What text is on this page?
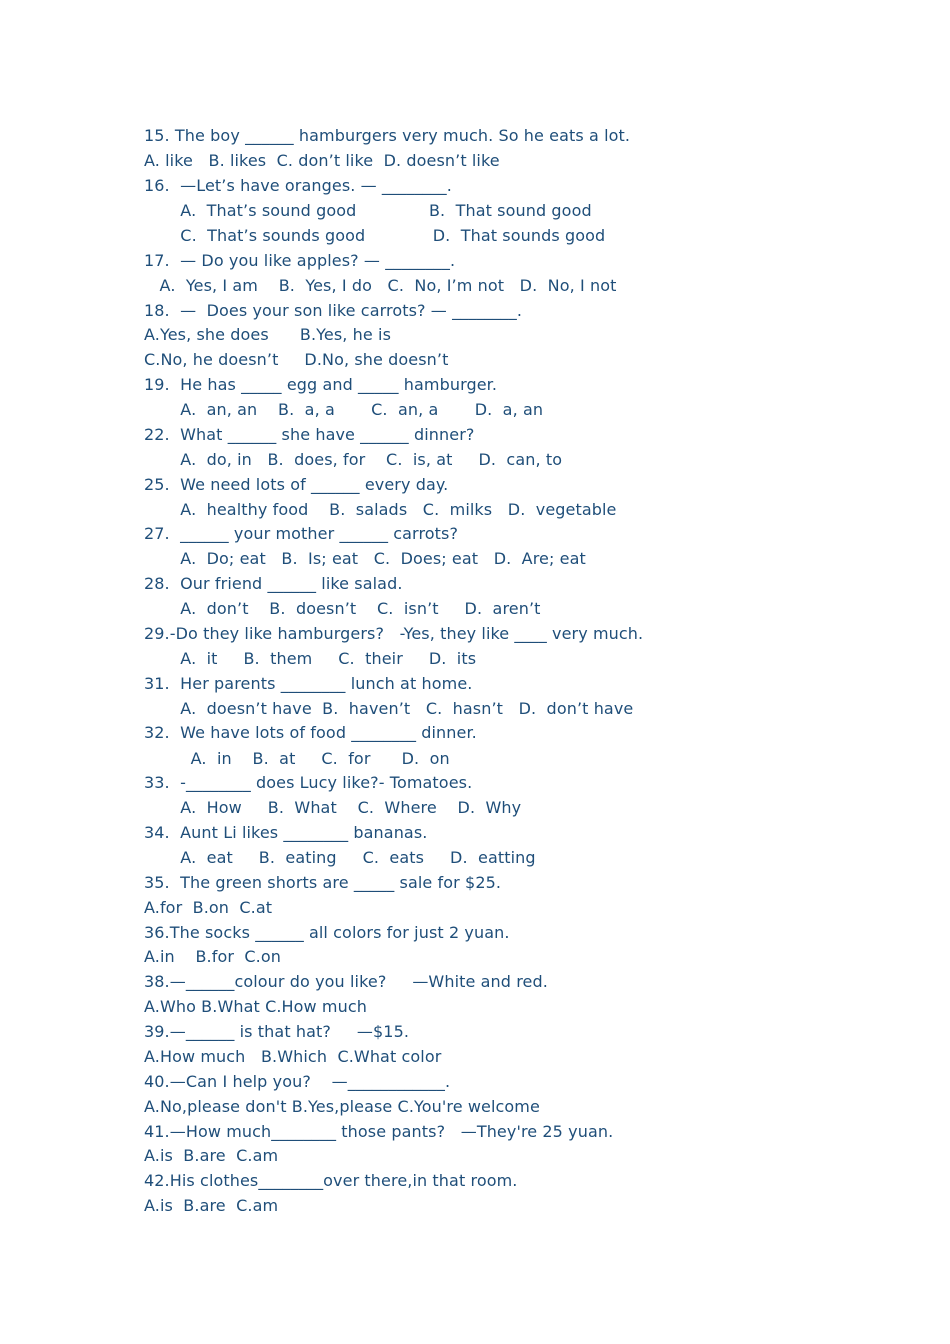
15. The boy ______ hamburgers very much. So he eats a lot.
A. like   B. likes  C. don’t like  D. doesn’t like
16.  —Let’s have oranges. — ________.
A.  That’s sound good              B.  That sound good
C.  That’s sounds good             D.  That sounds good
17.  — Do you like apples? — ________.
A.  Yes, I am    B.  Yes, I do   C.  No, I’m not   D.  No, I not
18.  —  Does your son like carrots? — ________.
A.Yes, she does      B.Yes, he is
C.No, he doesn’t     D.No, she doesn’t
19.  He has _____ egg and _____ hamburger.
A.  an, an    B.  a, a       C.  an, a       D.  a, an
22.  What ______ she have ______ dinner?
A.  do, in   B.  does, for    C.  is, at     D.  can, to
25.  We need lots of ______ every day.
A.  healthy food    B.  salads   C.  milks   D.  vegetable
27.  ______ your mother ______ carrots?
A.  Do; eat   B.  Is; eat   C.  Does; eat   D.  Are; eat
28.  Our friend ______ like salad.
A.  don’t    B.  doesn’t    C.  isn’t     D.  aren’t
29.-Do they like hamburgers?   -Yes, they like ____ very much.
A.  it     B.  them     C.  their     D.  its
31.  Her parents ________ lunch at home.
A.  doesn’t have  B.  haven’t   C.  hasn’t   D.  don’t have
32.  We have lots of food ________ dinner.
A.  in    B.  at     C.  for      D.  on
33.  -________ does Lucy like?- Tomatoes.
A.  How     B.  What    C.  Where    D.  Why
34.  Aunt Li likes ________ bananas.
A.  eat     B.  eating     C.  eats     D.  eatting
35.  The green shorts are _____ sale for $25.
A.for  B.on  C.at
36.The socks ______ all colors for just 2 yuan.
A.in    B.for  C.on
38.—______colour do you like?     —White and red.
A.Who B.What C.How much
39.—______ is that hat?     —$15.
A.How much   B.Which  C.What color
40.—Can I help you?    —____________.
A.No,please don't B.Yes,please C.You're welcome
41.—How much________ those pants?   —They're 25 yuan.
A.is  B.are  C.am
42.His clothes________over there,in that room.
A.is  B.are  C.am
